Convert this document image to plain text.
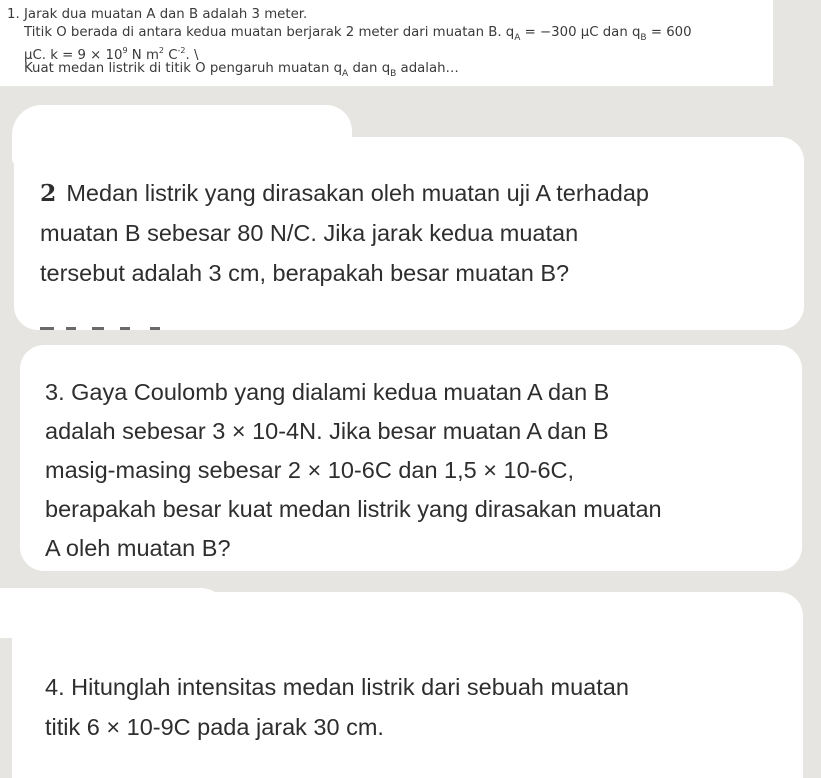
1. Jarak dua muatan A dan B adalah 3 meter.
Titik O berada di antara kedua muatan berjarak 2 meter dari muatan B. $q_A = -300$ μC dan $q_B = 600$
μC. $k = 9 \times 10^9$ N $m^2$ $C^{-2}$. \
Kuat medan listrik di titik O pengaruh muatan $q_A$ dan $q_B$ adalah…
2 Medan listrik yang dirasakan oleh muatan uji A terhadap
muatan B sebesar 80 N/C. Jika jarak kedua muatan
tersebut adalah 3 cm, berapakah besar muatan B?
3. Gaya Coulomb yang dialami kedua muatan A dan B
adalah sebesar 3 × 10-4N. Jika besar muatan A dan B
masig-masing sebesar 2 × 10-6C dan 1,5 × 10-6C,
berapakah besar kuat medan listrik yang dirasakan muatan
A oleh muatan B?
4. Hitunglah intensitas medan listrik dari sebuah muatan
titik 6 × 10-9C pada jarak 30 cm.
